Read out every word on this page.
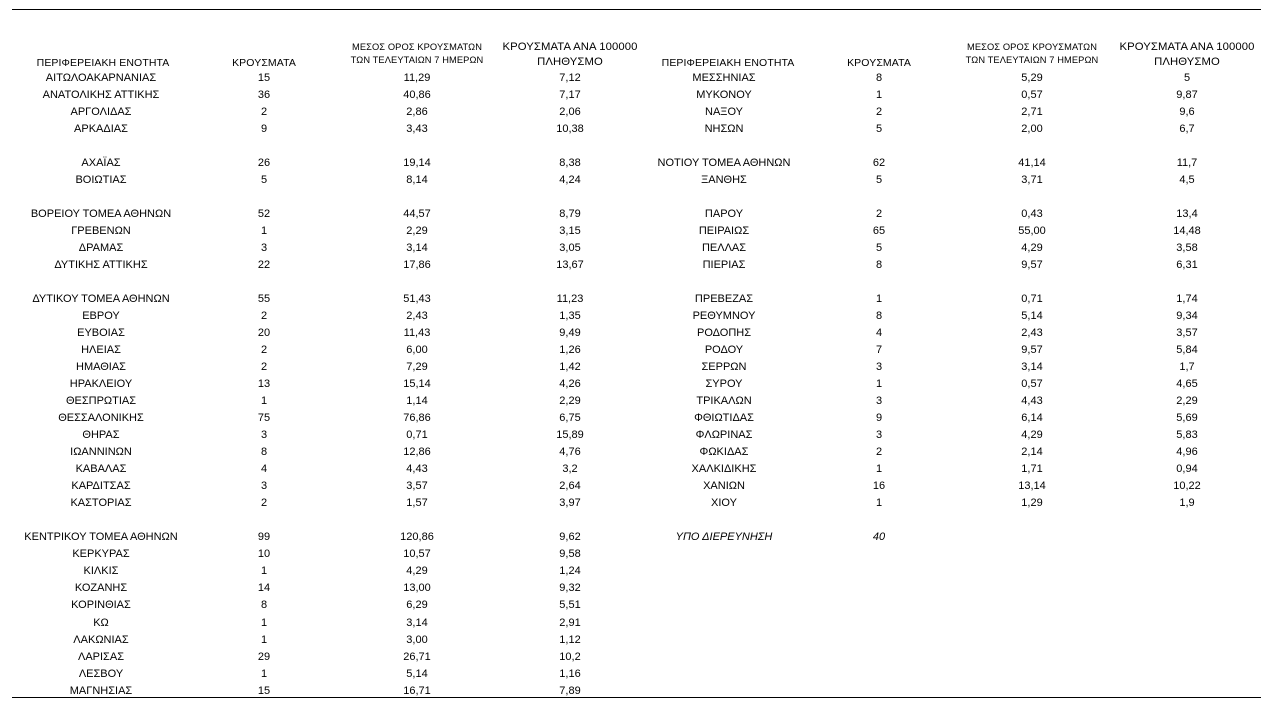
ΠΕΡΙΦΕΡΕΙΑΚΗ ΕΝΟΤΗΤΑ	ΚΡΟΥΣΜΑΤΑ
ΜΕΣΟΣ ΟΡΟΣ ΚΡΟΥΣΜΑΤΩΝ
ΤΩΝ ΤΕΛΕΥΤΑΙΩΝ 7 ΗΜΕΡΩΝ
ΚΡΟΥΣΜΑΤΑ ΑΝΑ 100000
ΠΛΗΘΥΣΜΟ
ΑΙΤΩΛΟΑΚΑΡΝΑΝΙΑΣ	15	11,29	7,12
ΑΝΑΤΟΛΙΚΗΣ ΑΤΤΙΚΗΣ	36	40,86	7,17
ΑΡΓΟΛΙΔΑΣ	2	2,86	2,06
ΑΡΚΑΔΙΑΣ	9	3,43	10,38
ΑΧΑΪΑΣ	26	19,14	8,38
ΒΟΙΩΤΙΑΣ	5	8,14	4,24
ΒΟΡΕΙΟΥ ΤΟΜΕΑ ΑΘΗΝΩΝ	52	44,57	8,79
ΓΡΕΒΕΝΩΝ	1	2,29	3,15
ΔΡΑΜΑΣ	3	3,14	3,05
ΔΥΤΙΚΗΣ ΑΤΤΙΚΗΣ	22	17,86	13,67
ΔΥΤΙΚΟΥ ΤΟΜΕΑ ΑΘΗΝΩΝ	55	51,43	11,23
ΕΒΡΟΥ	2	2,43	1,35
ΕΥΒΟΙΑΣ	20	11,43	9,49
ΗΛΕΙΑΣ	2	6,00	1,26
ΗΜΑΘΙΑΣ	2	7,29	1,42
ΗΡΑΚΛΕΙΟΥ	13	15,14	4,26
ΘΕΣΠΡΩΤΙΑΣ	1	1,14	2,29
ΘΕΣΣΑΛΟΝΙΚΗΣ	75	76,86	6,75
ΘΗΡΑΣ	3	0,71	15,89
ΙΩΑΝΝΙΝΩΝ	8	12,86	4,76
ΚΑΒΑΛΑΣ	4	4,43	3,2
ΚΑΡΔΙΤΣΑΣ	3	3,57	2,64
ΚΑΣΤΟΡΙΑΣ	2	1,57	3,97
ΚΕΝΤΡΙΚΟΥ ΤΟΜΕΑ ΑΘΗΝΩΝ	99	120,86	9,62
ΚΕΡΚΥΡΑΣ	10	10,57	9,58
ΚΙΛΚΙΣ	1	4,29	1,24
ΚΟΖΑΝΗΣ	14	13,00	9,32
ΚΟΡΙΝΘΙΑΣ	8	6,29	5,51
ΚΩ	1	3,14	2,91
ΛΑΚΩΝΙΑΣ	1	3,00	1,12
ΛΑΡΙΣΑΣ	29	26,71	10,2
ΛΕΣΒΟΥ	1	5,14	1,16
ΜΑΓΝΗΣΙΑΣ	15	16,71	7,89
ΠΕΡΙΦΕΡΕΙΑΚΗ ΕΝΟΤΗΤΑ	ΚΡΟΥΣΜΑΤΑ
ΜΕΣΟΣ ΟΡΟΣ ΚΡΟΥΣΜΑΤΩΝ
ΤΩΝ ΤΕΛΕΥΤΑΙΩΝ 7 ΗΜΕΡΩΝ
ΚΡΟΥΣΜΑΤΑ ΑΝΑ 100000
ΠΛΗΘΥΣΜΟ
ΜΕΣΣΗΝΙΑΣ	8	5,29	5
ΜΥΚΟΝΟΥ	1	0,57	9,87
ΝΑΞΟΥ	2	2,71	9,6
ΝΗΣΩΝ	5	2,00	6,7
ΝΟΤΙΟΥ ΤΟΜΕΑ ΑΘΗΝΩΝ	62	41,14	11,7
ΞΑΝΘΗΣ	5	3,71	4,5
ΠΑΡΟΥ	2	0,43	13,4
ΠΕΙΡΑΙΩΣ	65	55,00	14,48
ΠΕΛΛΑΣ	5	4,29	3,58
ΠΙΕΡΙΑΣ	8	9,57	6,31
ΠΡΕΒΕΖΑΣ	1	0,71	1,74
ΡΕΘΥΜΝΟΥ	8	5,14	9,34
ΡΟΔΟΠΗΣ	4	2,43	3,57
ΡΟΔΟΥ	7	9,57	5,84
ΣΕΡΡΩΝ	3	3,14	1,7
ΣΥΡΟΥ	1	0,57	4,65
ΤΡΙΚΑΛΩΝ	3	4,43	2,29
ΦΘΙΩΤΙΔΑΣ	9	6,14	5,69
ΦΛΩΡΙΝΑΣ	3	4,29	5,83
ΦΩΚΙΔΑΣ	2	2,14	4,96
ΧΑΛΚΙΔΙΚΗΣ	1	1,71	0,94
ΧΑΝΙΩΝ	16	13,14	10,22
ΧΙΟΥ	1	1,29	1,9
ΥΠΟ ΔΙΕΡΕΥΝΗΣΗ	40
